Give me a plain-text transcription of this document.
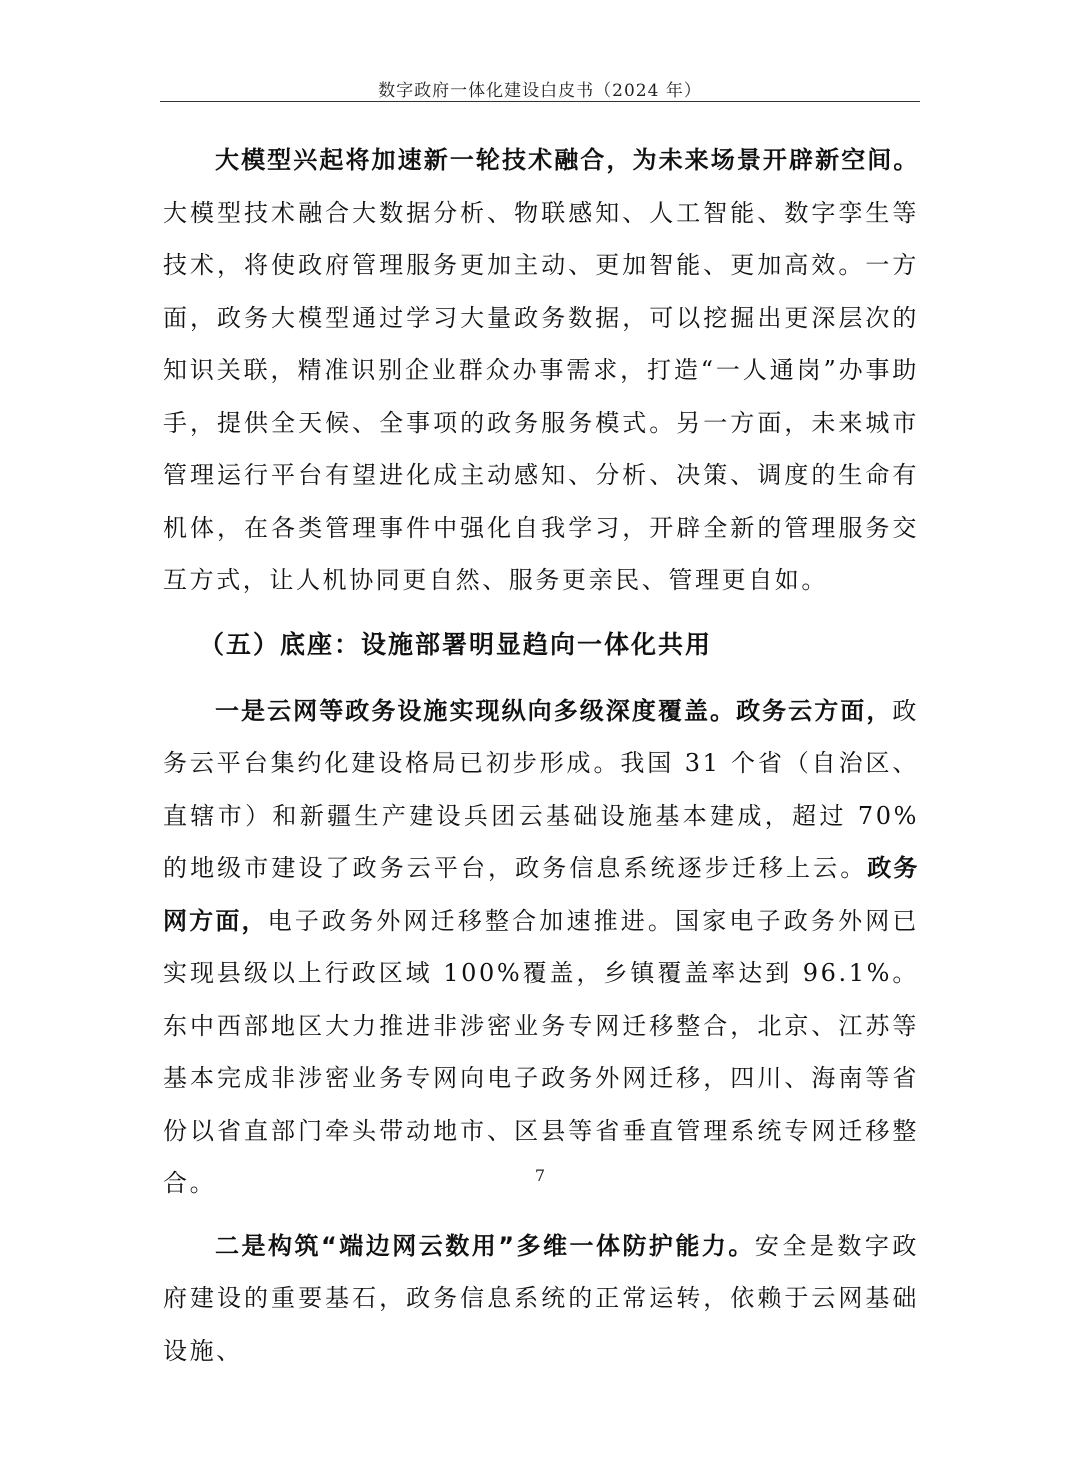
数字政府一体化建设白皮书（2024 年）

大模型兴起将加速新一轮技术融合，为未来场景开辟新空间。大模型技术融合大数据分析、物联感知、人工智能、数字孪生等技术，将使政府管理服务更加主动、更加智能、更加高效。一方面，政务大模型通过学习大量政务数据，可以挖掘出更深层次的知识关联，精准识别企业群众办事需求，打造“一人通岗”办事助手，提供全天候、全事项的政务服务模式。另一方面，未来城市管理运行平台有望进化成主动感知、分析、决策、调度的生命有机体，在各类管理事件中强化自我学习，开辟全新的管理服务交互方式，让人机协同更自然、服务更亲民、管理更自如。

（五）底座：设施部署明显趋向一体化共用

一是云网等政务设施实现纵向多级深度覆盖。政务云方面，政务云平台集约化建设格局已初步形成。我国 31 个省（自治区、直辖市）和新疆生产建设兵团云基础设施基本建成，超过 70%的地级市建设了政务云平台，政务信息系统逐步迁移上云。政务网方面，电子政务外网迁移整合加速推进。国家电子政务外网已实现县级以上行政区域 100%覆盖，乡镇覆盖率达到 96.1%。东中西部地区大力推进非涉密业务专网迁移整合，北京、江苏等基本完成非涉密业务专网向电子政务外网迁移，四川、海南等省份以省直部门牵头带动地市、区县等省垂直管理系统专网迁移整合。

二是构筑“端边网云数用”多维一体防护能力。安全是数字政府建设的重要基石，政务信息系统的正常运转，依赖于云网基础设施、

7
